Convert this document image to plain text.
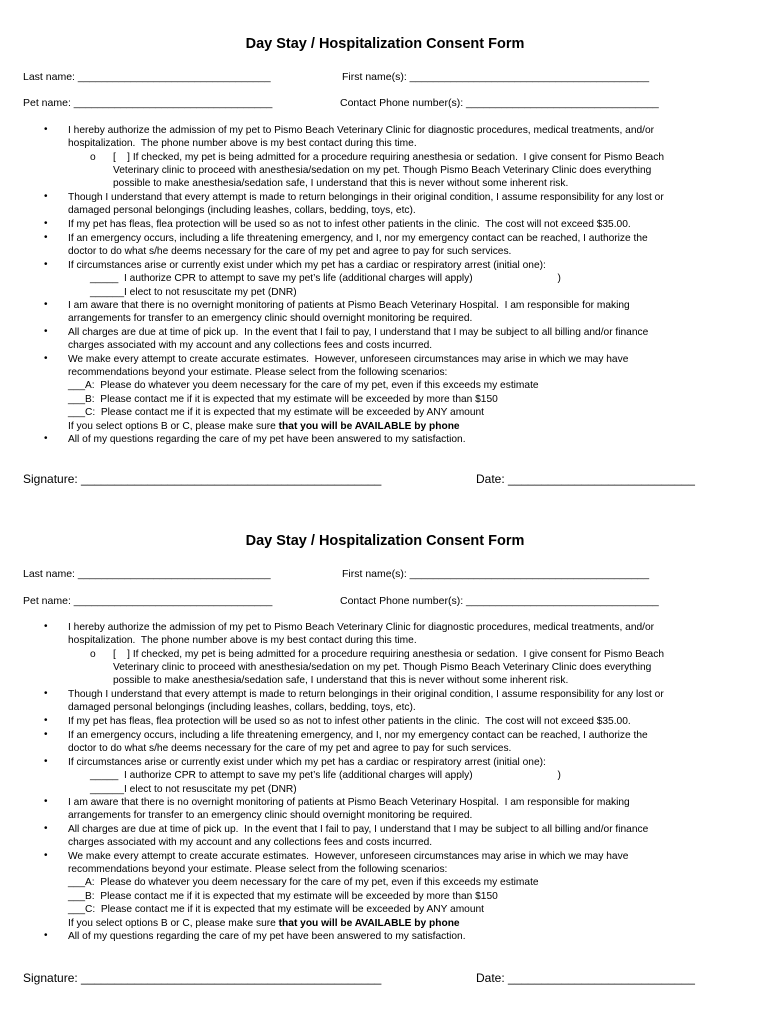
Day Stay / Hospitalization Consent Form
Last name: _________________________________	First name(s): _________________________________________
Pet name: __________________________________	Contact Phone number(s): _________________________________
• I hereby authorize the admission of my pet to Pismo Beach Veterinary Clinic for diagnostic procedures, medical treatments, and/or
hospitalization.  The phone number above is my best contact during this time.
o [    ] If checked, my pet is being admitted for a procedure requiring anesthesia or sedation.  I give consent for Pismo Beach
Veterinary clinic to proceed with anesthesia/sedation on my pet. Though Pismo Beach Veterinary Clinic does everything
possible to make anesthesia/sedation safe, I understand that this is never without some inherent risk.
• Though I understand that every attempt is made to return belongings in their original condition, I assume responsibility for any lost or
damaged personal belongings (including leashes, collars, bedding, toys, etc).
• If my pet has fleas, flea protection will be used so as not to infest other patients in the clinic.  The cost will not exceed $35.00.
• If an emergency occurs, including a life threatening emergency, and I, nor my emergency contact can be reached, I authorize the
doctor to do what s/he deems necessary for the care of my pet and agree to pay for such services.
• If circumstances arise or currently exist under which my pet has a cardiac or respiratory arrest (initial one):
_____  I authorize CPR to attempt to save my pet’s life (additional charges will apply)                              )
______I elect to not resuscitate my pet (DNR)
• I am aware that there is no overnight monitoring of patients at Pismo Beach Veterinary Hospital.  I am responsible for making
arrangements for transfer to an emergency clinic should overnight monitoring be required.
• All charges are due at time of pick up.  In the event that I fail to pay, I understand that I may be subject to all billing and/or finance
charges associated with my account and any collections fees and costs incurred.
• We make every attempt to create accurate estimates.  However, unforeseen circumstances may arise in which we may have
recommendations beyond your estimate. Please select from the following scenarios:
___A:  Please do whatever you deem necessary for the care of my pet, even if this exceeds my estimate
___B:  Please contact me if it is expected that my estimate will be exceeded by more than $150
___C:  Please contact me if it is expected that my estimate will be exceeded by ANY amount
If you select options B or C, please make sure that you will be AVAILABLE by phone
• All of my questions regarding the care of my pet have been answered to my satisfaction.
Signature: _____________________________________________	Date: ____________________________
Day Stay / Hospitalization Consent Form
Last name: _________________________________	First name(s): _________________________________________
Pet name: __________________________________	Contact Phone number(s): _________________________________
• I hereby authorize the admission of my pet to Pismo Beach Veterinary Clinic for diagnostic procedures, medical treatments, and/or
hospitalization.  The phone number above is my best contact during this time.
o [    ] If checked, my pet is being admitted for a procedure requiring anesthesia or sedation.  I give consent for Pismo Beach
Veterinary clinic to proceed with anesthesia/sedation on my pet. Though Pismo Beach Veterinary Clinic does everything
possible to make anesthesia/sedation safe, I understand that this is never without some inherent risk.
• Though I understand that every attempt is made to return belongings in their original condition, I assume responsibility for any lost or
damaged personal belongings (including leashes, collars, bedding, toys, etc).
• If my pet has fleas, flea protection will be used so as not to infest other patients in the clinic.  The cost will not exceed $35.00.
• If an emergency occurs, including a life threatening emergency, and I, nor my emergency contact can be reached, I authorize the
doctor to do what s/he deems necessary for the care of my pet and agree to pay for such services.
• If circumstances arise or currently exist under which my pet has a cardiac or respiratory arrest (initial one):
_____  I authorize CPR to attempt to save my pet’s life (additional charges will apply)                              )
______I elect to not resuscitate my pet (DNR)
• I am aware that there is no overnight monitoring of patients at Pismo Beach Veterinary Hospital.  I am responsible for making
arrangements for transfer to an emergency clinic should overnight monitoring be required.
• All charges are due at time of pick up.  In the event that I fail to pay, I understand that I may be subject to all billing and/or finance
charges associated with my account and any collections fees and costs incurred.
• We make every attempt to create accurate estimates.  However, unforeseen circumstances may arise in which we may have
recommendations beyond your estimate. Please select from the following scenarios:
___A:  Please do whatever you deem necessary for the care of my pet, even if this exceeds my estimate
___B:  Please contact me if it is expected that my estimate will be exceeded by more than $150
___C:  Please contact me if it is expected that my estimate will be exceeded by ANY amount
If you select options B or C, please make sure that you will be AVAILABLE by phone
• All of my questions regarding the care of my pet have been answered to my satisfaction.
Signature: _____________________________________________	Date: ____________________________
